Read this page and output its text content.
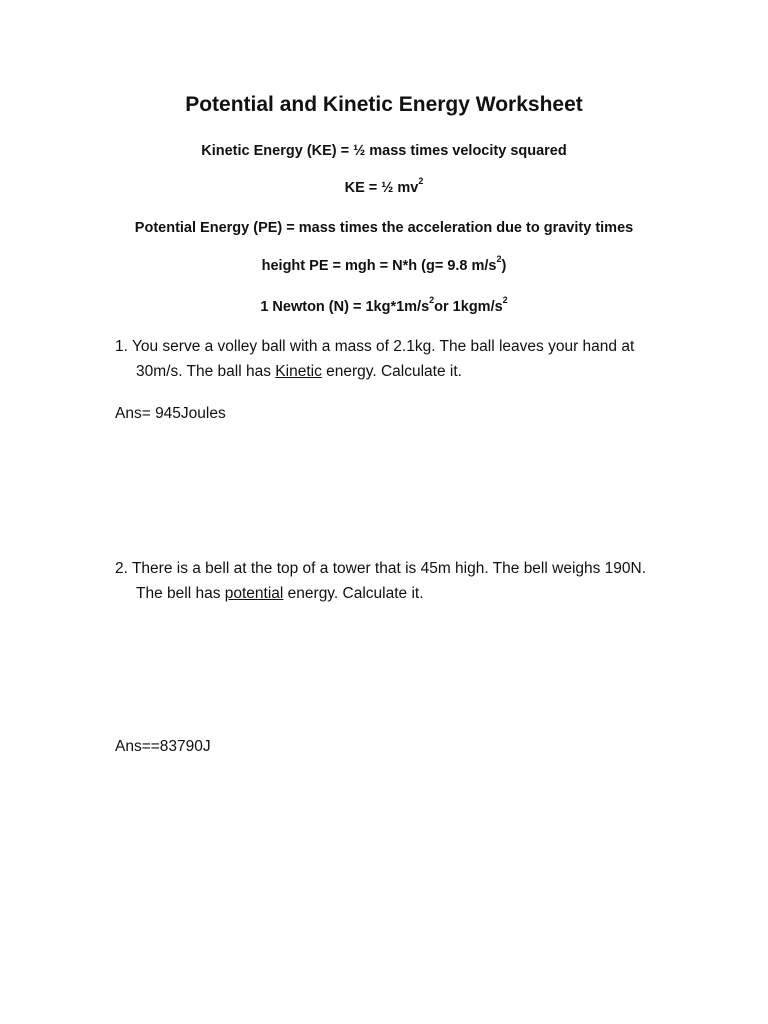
Potential and Kinetic Energy Worksheet
Kinetic Energy (KE) = ½ mass times velocity squared
KE = ½ $mv^2$
Potential Energy (PE) = mass times the acceleration due to gravity times
height PE = mgh = N*h (g= 9.8 $m/s^2$)
1 Newton $(N) = 1kg*1m/s^2or$ $1kgm/s^2$
1. You serve a volley ball with a mass of 2.1kg. The ball leaves your hand at
30m/s. The ball has Kinetic energy. Calculate it.
Ans= 945Joules
2. There is a bell at the top of a tower that is 45m high. The bell weighs 190N.
The bell has potential energy. Calculate it.
Ans==83790J
